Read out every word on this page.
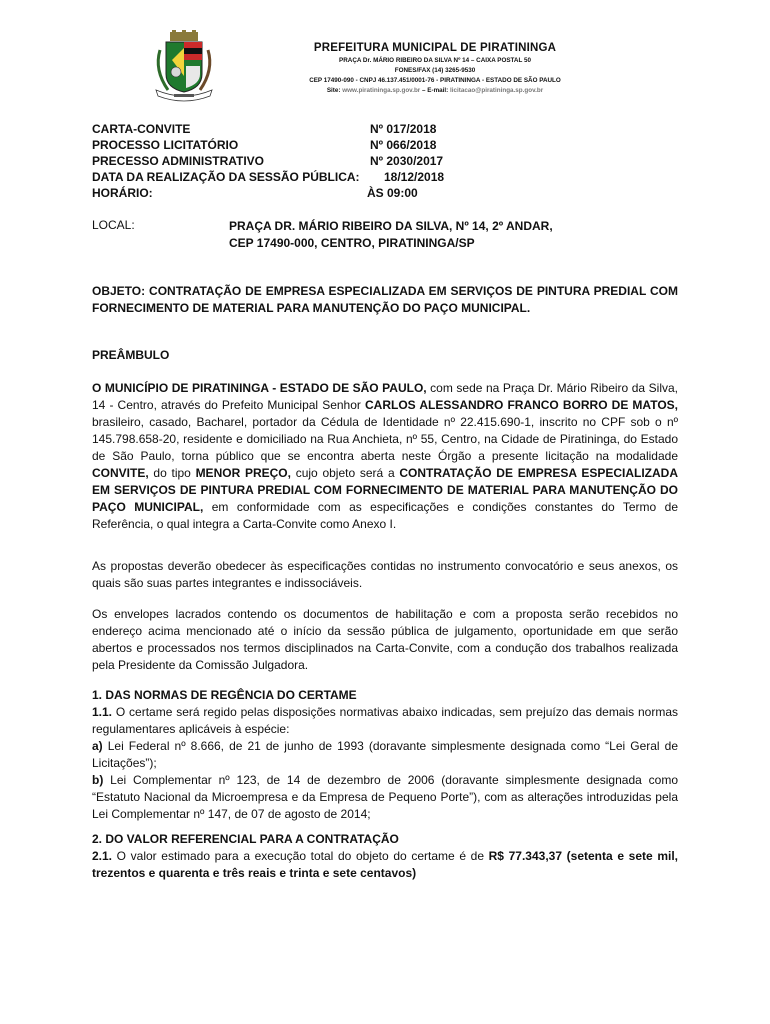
PREFEITURA MUNICIPAL DE PIRATININGA
PRAÇA Dr. MÁRIO RIBEIRO DA SILVA Nº 14 – CAIXA POSTAL 50
FONES/FAX (14) 3265-9530
CEP 17490-090 - CNPJ 46.137.451/0001-76 - PIRATININGA - ESTADO DE SÃO PAULO
Site: www.piratininga.sp.gov.br – E-mail: licitacao@piratininga.sp.gov.br
CARTA-CONVITE	Nº 017/2018
PROCESSO LICITATÓRIO	Nº 066/2018
PRECESSO ADMINISTRATIVO	Nº 2030/2017
DATA DA REALIZAÇÃO DA SESSÃO PÚBLICA: 18/12/2018
HORÁRIO:	ÀS 09:00
LOCAL:	PRAÇA DR. MÁRIO RIBEIRO DA SILVA, Nº 14, 2º ANDAR,
CEP 17490-000, CENTRO, PIRATININGA/SP
OBJETO: CONTRATAÇÃO DE EMPRESA ESPECIALIZADA EM SERVIÇOS DE PINTURA PREDIAL COM FORNECIMENTO DE MATERIAL PARA MANUTENÇÃO DO PAÇO MUNICIPAL.
PREÂMBULO
O MUNICÍPIO DE PIRATININGA - ESTADO DE SÃO PAULO, com sede na Praça Dr. Mário Ribeiro da Silva, 14 - Centro, através do Prefeito Municipal Senhor CARLOS ALESSANDRO FRANCO BORRO DE MATOS, brasileiro, casado, Bacharel, portador da Cédula de Identidade nº 22.415.690-1, inscrito no CPF sob o nº 145.798.658-20, residente e domiciliado na Rua Anchieta, nº 55, Centro, na Cidade de Piratininga, do Estado de São Paulo, torna público que se encontra aberta neste Órgão a presente licitação na modalidade CONVITE, do tipo MENOR PREÇO, cujo objeto será a CONTRATAÇÃO DE EMPRESA ESPECIALIZADA EM SERVIÇOS DE PINTURA PREDIAL COM FORNECIMENTO DE MATERIAL PARA MANUTENÇÃO DO PAÇO MUNICIPAL, em conformidade com as especificações e condições constantes do Termo de Referência, o qual integra a Carta-Convite como Anexo I.
As propostas deverão obedecer às especificações contidas no instrumento convocatório e seus anexos, os quais são suas partes integrantes e indissociáveis.
Os envelopes lacrados contendo os documentos de habilitação e com a proposta serão recebidos no endereço acima mencionado até o início da sessão pública de julgamento, oportunidade em que serão abertos e processados nos termos disciplinados na Carta-Convite, com a condução dos trabalhos realizada pela Presidente da Comissão Julgadora.
1. DAS NORMAS DE REGÊNCIA DO CERTAME
1.1. O certame será regido pelas disposições normativas abaixo indicadas, sem prejuízo das demais normas regulamentares aplicáveis à espécie:
a) Lei Federal nº 8.666, de 21 de junho de 1993 (doravante simplesmente designada como “Lei Geral de Licitações”);
b) Lei Complementar nº 123, de 14 de dezembro de 2006 (doravante simplesmente designada como “Estatuto Nacional da Microempresa e da Empresa de Pequeno Porte”), com as alterações introduzidas pela Lei Complementar nº 147, de 07 de agosto de 2014;
2. DO VALOR REFERENCIAL PARA A CONTRATAÇÃO
2.1. O valor estimado para a execução total do objeto do certame é de R$ 77.343,37 (setenta e sete mil, trezentos e quarenta e três reais e trinta e sete centavos)
